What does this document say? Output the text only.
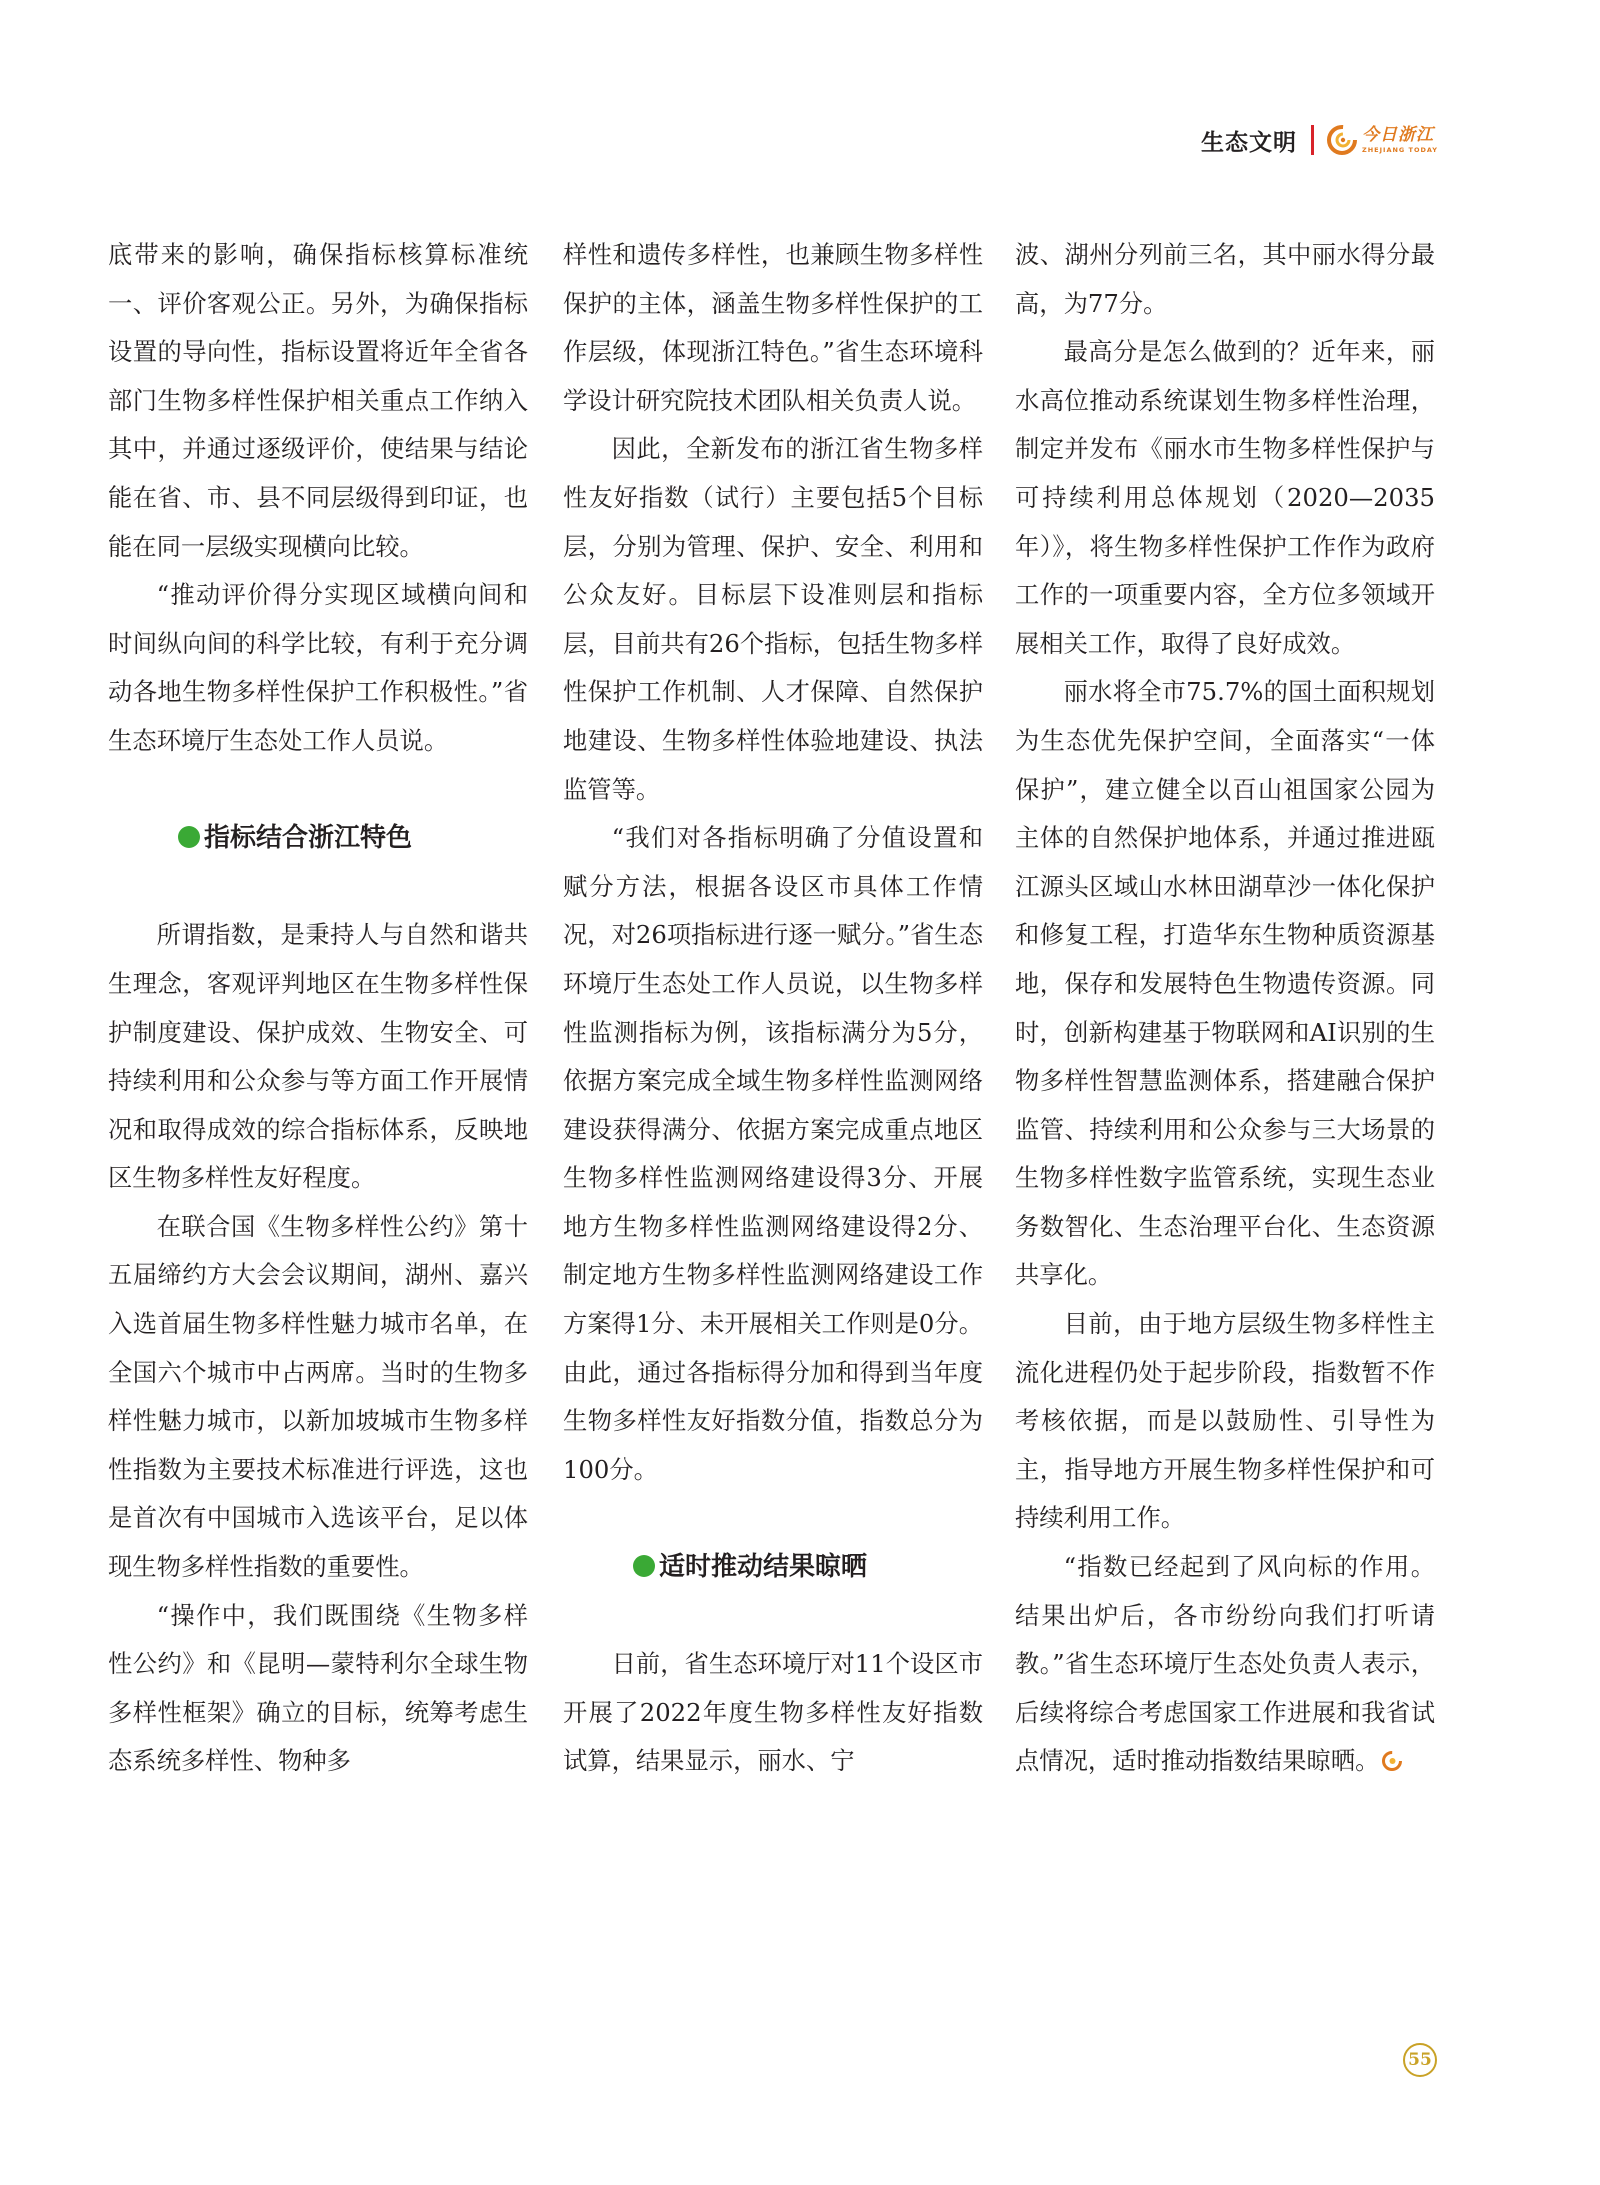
生态文明	今日浙江
ZHEJIANG TODAY

底带来的影响，确保指标核算标准统一、评价客观公正。另外，为确保指标设置的导向性，指标设置将近年全省各部门生物多样性保护相关重点工作纳入其中，并通过逐级评价，使结果与结论能在省、市、县不同层级得到印证，也能在同一层级实现横向比较。

“推动评价得分实现区域横向间和时间纵向间的科学比较，有利于充分调动各地生物多样性保护工作积极性。”省生态环境厅生态处工作人员说。

指标结合浙江特色

所谓指数，是秉持人与自然和谐共生理念，客观评判地区在生物多样性保护制度建设、保护成效、生物安全、可持续利用和公众参与等方面工作开展情况和取得成效的综合指标体系，反映地区生物多样性友好程度。

在联合国《生物多样性公约》第十五届缔约方大会会议期间，湖州、嘉兴入选首届生物多样性魅力城市名单，在全国六个城市中占两席。当时的生物多样性魅力城市，以新加坡城市生物多样性指数为主要技术标准进行评选，这也是首次有中国城市入选该平台，足以体现生物多样性指数的重要性。

“操作中，我们既围绕《生物多样性公约》和《昆明—蒙特利尔全球生物多样性框架》确立的目标，统筹考虑生态系统多样性、物种多

样性和遗传多样性，也兼顾生物多样性保护的主体，涵盖生物多样性保护的工作层级，体现浙江特色。”省生态环境科学设计研究院技术团队相关负责人说。

因此，全新发布的浙江省生物多样性友好指数（试行）主要包括5个目标层，分别为管理、保护、安全、利用和公众友好。目标层下设准则层和指标层，目前共有26个指标，包括生物多样性保护工作机制、人才保障、自然保护地建设、生物多样性体验地建设、执法监管等。

“我们对各指标明确了分值设置和赋分方法，根据各设区市具体工作情况，对26项指标进行逐一赋分。”省生态环境厅生态处工作人员说，以生物多样性监测指标为例，该指标满分为5分，依据方案完成全域生物多样性监测网络建设获得满分、依据方案完成重点地区生物多样性监测网络建设得3分、开展地方生物多样性监测网络建设得2分、制定地方生物多样性监测网络建设工作方案得1分、未开展相关工作则是0分。由此，通过各指标得分加和得到当年度生物多样性友好指数分值，指数总分为100分。

适时推动结果晾晒

日前，省生态环境厅对11个设区市开展了2022年度生物多样性友好指数试算，结果显示，丽水、宁

波、湖州分列前三名，其中丽水得分最高，为77分。

最高分是怎么做到的？近年来，丽水高位推动系统谋划生物多样性治理，制定并发布《丽水市生物多样性保护与可持续利用总体规划（2020—2035年）》，将生物多样性保护工作作为政府工作的一项重要内容，全方位多领域开展相关工作，取得了良好成效。

丽水将全市75.7%的国土面积规划为生态优先保护空间，全面落实“一体保护”，建立健全以百山祖国家公园为主体的自然保护地体系，并通过推进瓯江源头区域山水林田湖草沙一体化保护和修复工程，打造华东生物种质资源基地，保存和发展特色生物遗传资源。同时，创新构建基于物联网和AI识别的生物多样性智慧监测体系，搭建融合保护监管、持续利用和公众参与三大场景的生物多样性数字监管系统，实现生态业务数智化、生态治理平台化、生态资源共享化。

目前，由于地方层级生物多样性主流化进程仍处于起步阶段，指数暂不作考核依据，而是以鼓励性、引导性为主，指导地方开展生物多样性保护和可持续利用工作。

“指数已经起到了风向标的作用。结果出炉后，各市纷纷向我们打听请教。”省生态环境厅生态处负责人表示，后续将综合考虑国家工作进展和我省试点情况，适时推动指数结果晾晒。

55
